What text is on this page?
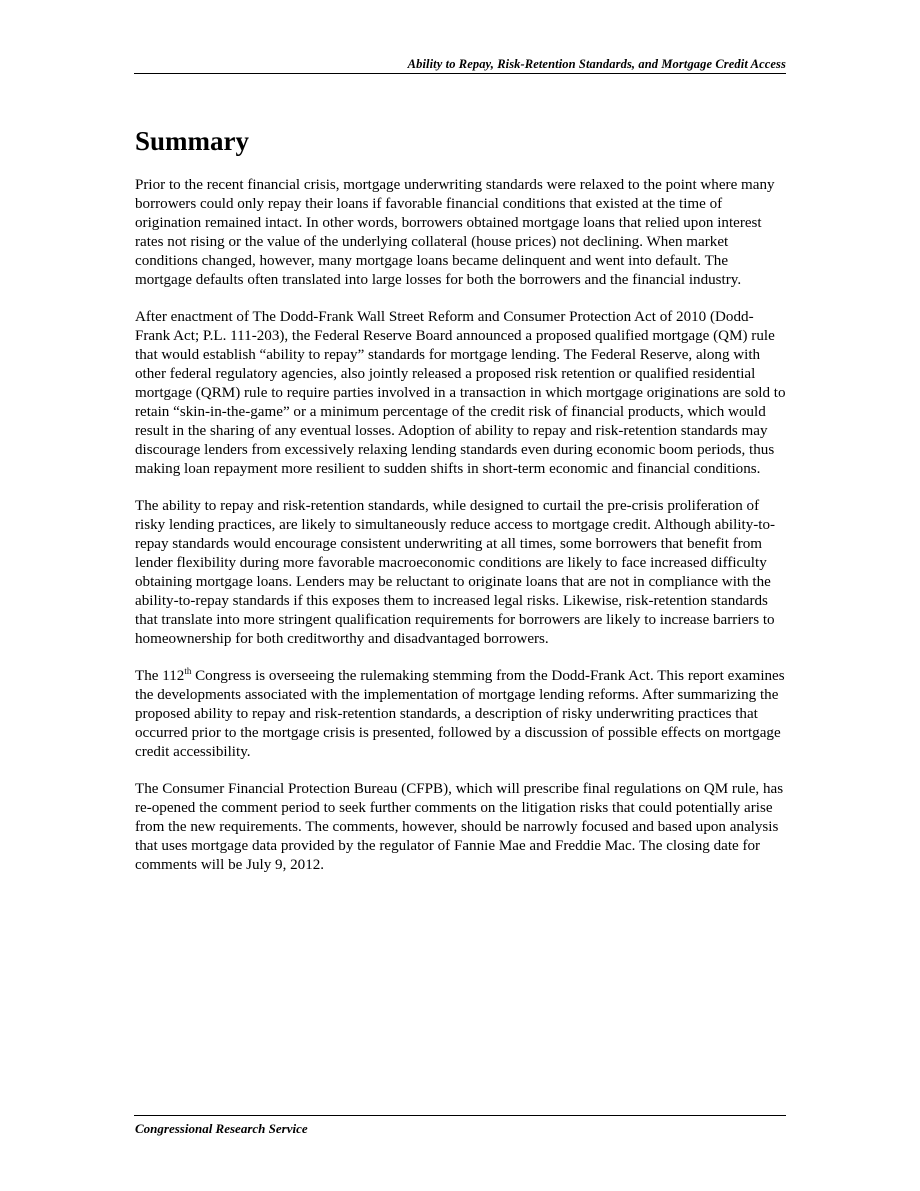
Ability to Repay, Risk-Retention Standards, and Mortgage Credit Access
Summary

Prior to the recent financial crisis, mortgage underwriting standards were relaxed to the point where many borrowers could only repay their loans if favorable financial conditions that existed at the time of origination remained intact. In other words, borrowers obtained mortgage loans that relied upon interest rates not rising or the value of the underlying collateral (house prices) not declining. When market conditions changed, however, many mortgage loans became delinquent and went into default. The mortgage defaults often translated into large losses for both the borrowers and the financial industry.

After enactment of The Dodd-Frank Wall Street Reform and Consumer Protection Act of 2010 (Dodd-Frank Act; P.L. 111-203), the Federal Reserve Board announced a proposed qualified mortgage (QM) rule that would establish “ability to repay” standards for mortgage lending. The Federal Reserve, along with other federal regulatory agencies, also jointly released a proposed risk retention or qualified residential mortgage (QRM) rule to require parties involved in a transaction in which mortgage originations are sold to retain “skin-in-the-game” or a minimum percentage of the credit risk of financial products, which would result in the sharing of any eventual losses. Adoption of ability to repay and risk-retention standards may discourage lenders from excessively relaxing lending standards even during economic boom periods, thus making loan repayment more resilient to sudden shifts in short-term economic and financial conditions.

The ability to repay and risk-retention standards, while designed to curtail the pre-crisis proliferation of risky lending practices, are likely to simultaneously reduce access to mortgage credit. Although ability-to-repay standards would encourage consistent underwriting at all times, some borrowers that benefit from lender flexibility during more favorable macroeconomic conditions are likely to face increased difficulty obtaining mortgage loans. Lenders may be reluctant to originate loans that are not in compliance with the ability-to-repay standards if this exposes them to increased legal risks. Likewise, risk-retention standards that translate into more stringent qualification requirements for borrowers are likely to increase barriers to homeownership for both creditworthy and disadvantaged borrowers.

The 112th Congress is overseeing the rulemaking stemming from the Dodd-Frank Act. This report examines the developments associated with the implementation of mortgage lending reforms. After summarizing the proposed ability to repay and risk-retention standards, a description of risky underwriting practices that occurred prior to the mortgage crisis is presented, followed by a discussion of possible effects on mortgage credit accessibility.

The Consumer Financial Protection Bureau (CFPB), which will prescribe final regulations on QM rule, has re-opened the comment period to seek further comments on the litigation risks that could potentially arise from the new requirements. The comments, however, should be narrowly focused and based upon analysis that uses mortgage data provided by the regulator of Fannie Mae and Freddie Mac. The closing date for comments will be July 9, 2012.

Congressional Research Service
